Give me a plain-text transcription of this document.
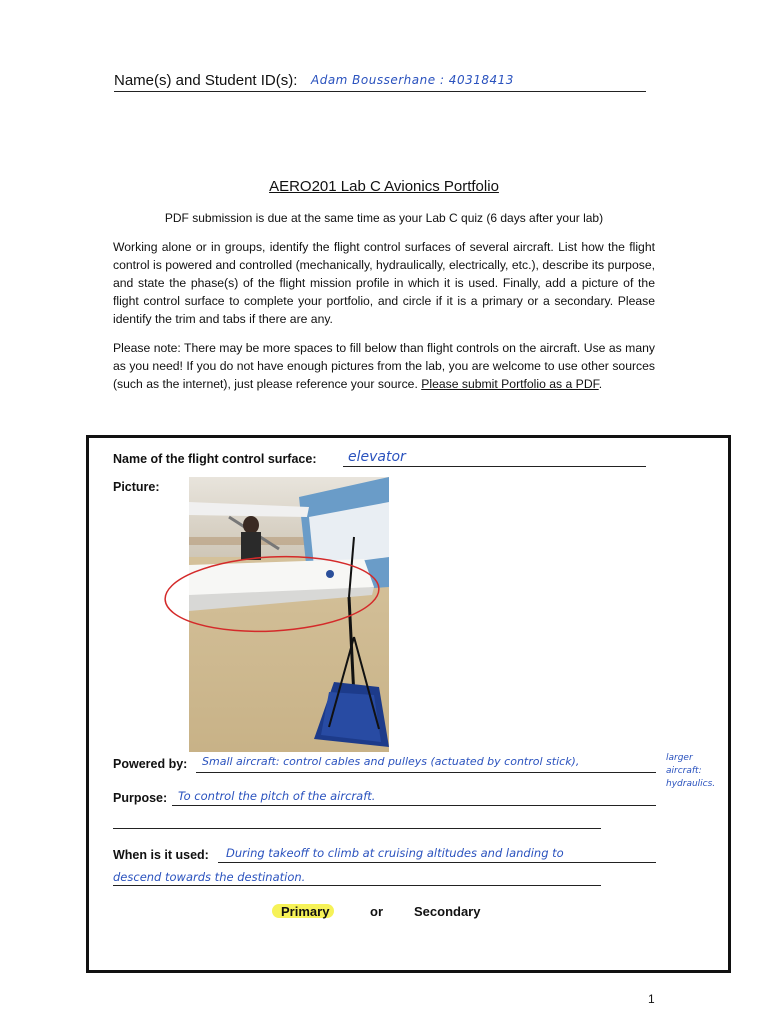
Name(s) and Student ID(s): Adam Bousserhane : 40318413
AERO201 Lab C Avionics Portfolio
PDF submission is due at the same time as your Lab C quiz (6 days after your lab)
Working alone or in groups, identify the flight control surfaces of several aircraft. List how the flight control is powered and controlled (mechanically, hydraulically, electrically, etc.), describe its purpose, and state the phase(s) of the flight mission profile in which it is used. Finally, add a picture of the flight control surface to complete your portfolio, and circle if it is a primary or a secondary. Please identify the trim and tabs if there are any.
Please note: There may be more spaces to fill below than flight controls on the aircraft. Use as many as you need! If you do not have enough pictures from the lab, you are welcome to use other sources (such as the internet), just please reference your source. Please submit Portfolio as a PDF.
Name of the flight control surface: elevator
Picture:
Powered by: Small aircraft: control cables and pulleys (actuated by control stick),	larger aircraft: hydraulics.
Purpose: To control the pitch of the aircraft.
When is it used: During takeoff to climb at cruising altitudes and landing to
descend towards the destination.
Primary	or Secondary
1
